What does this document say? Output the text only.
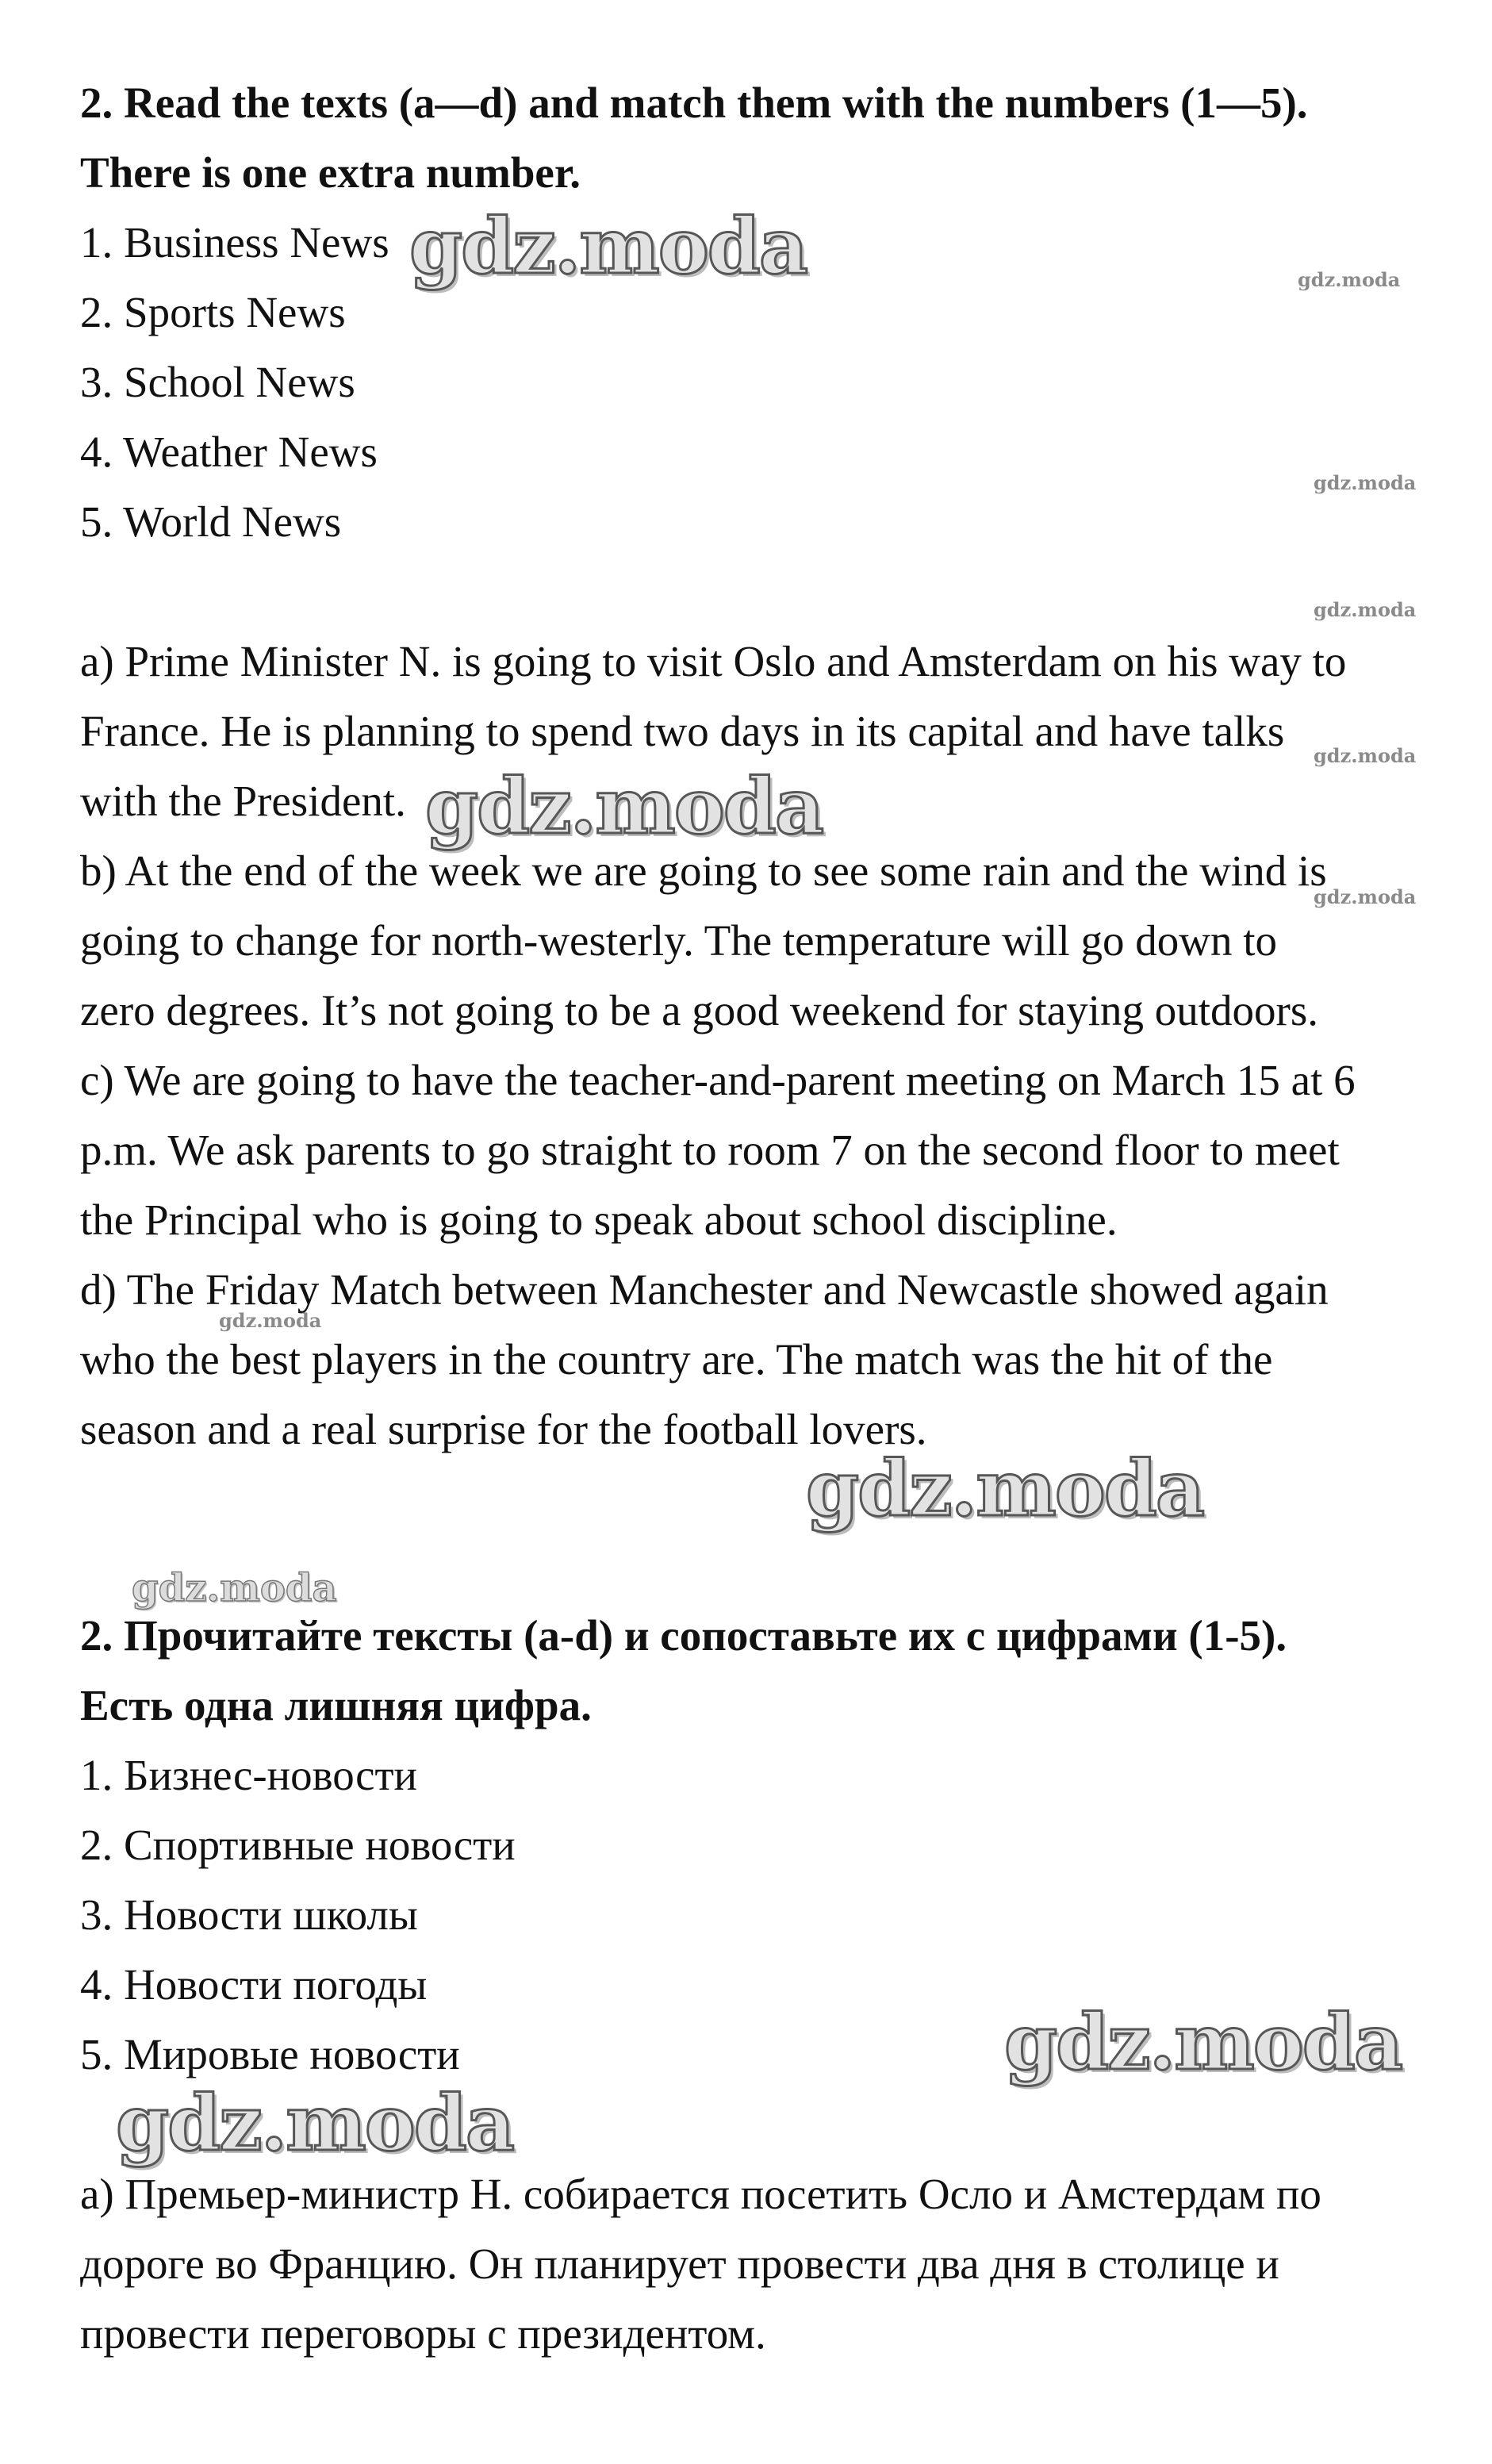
2. Read the texts (a—d) and match them with the numbers (1—5).
There is one extra number.
1. Business News
2. Sports News
3. School News
4. Weather News
5. World News
a) Prime Minister N. is going to visit Oslo and Amsterdam on his way to
France. He is planning to spend two days in its capital and have talks
with the President.
b) At the end of the week we are going to see some rain and the wind is
going to change for north-westerly. The temperature will go down to
zero degrees. It’s not going to be a good weekend for staying outdoors.
c) We are going to have the teacher-and-parent meeting on March 15 at 6
p.m. We ask parents to go straight to room 7 on the second floor to meet
the Principal who is going to speak about school discipline.
d) The Friday Match between Manchester and Newcastle showed again
who the best players in the country are. The match was the hit of the
season and a real surprise for the football lovers.
2. Прочитайте тексты (a-d) и сопоставьте их с цифрами (1-5).
Есть одна лишняя цифра.
1. Бизнес-новости
2. Спортивные новости
3. Новости школы
4. Новости погоды
5. Мировые новости
а) Премьер-министр Н. собирается посетить Осло и Амстердам по
дороге во Францию. Он планирует провести два дня в столице и
провести переговоры с президентом.
gdz.moda	gdz.moda
gdz.moda
gdz.moda
gdz.moda
gdz.moda
gdz.moda
gdz.moda
gdz.moda
gdz.moda
gdz.moda
gdz.moda
